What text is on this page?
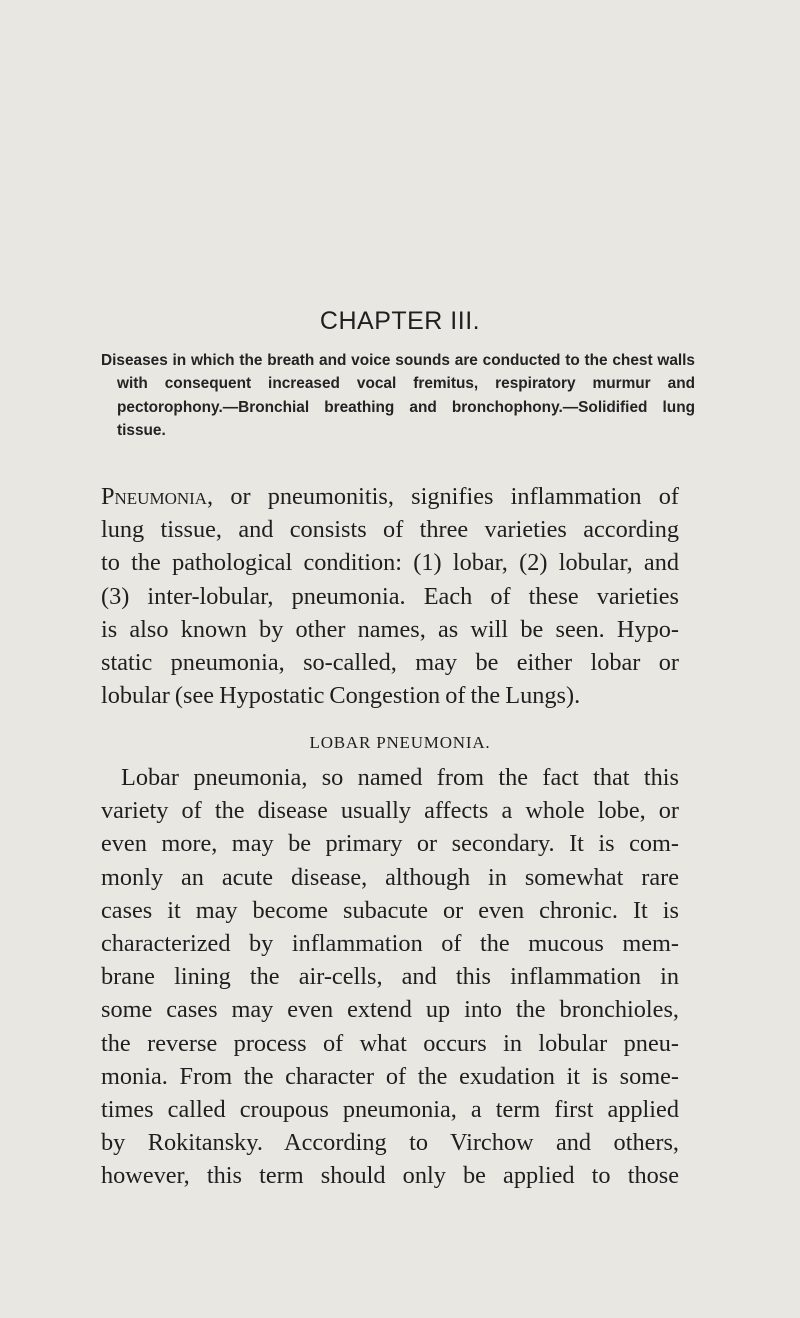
CHAPTER III.

Diseases in which the breath and voice sounds are conducted to the chest walls with consequent increased vocal fremitus, respiratory murmur and pectorophony.—Bronchial breathing and bronchophony.—Solidified lung tissue.

Pneumonia, or pneumonitis, signifies inflammation of
lung tissue, and consists of three varieties according
to the pathological condition: (1) lobar, (2) lobular, and
(3) inter-lobular, pneumonia. Each of these varieties
is also known by other names, as will be seen. Hypo-
static pneumonia, so-called, may be either lobar or
lobular (see Hypostatic Congestion of the Lungs).
LOBAR PNEUMONIA.
Lobar pneumonia, so named from the fact that this
variety of the disease usually affects a whole lobe, or
even more, may be primary or secondary. It is com-
monly an acute disease, although in somewhat rare
cases it may become subacute or even chronic. It is
characterized by inflammation of the mucous mem-
brane lining the air-cells, and this inflammation in
some cases may even extend up into the bronchioles,
the reverse process of what occurs in lobular pneu-
monia. From the character of the exudation it is some-
times called croupous pneumonia, a term first applied
by Rokitansky. According to Virchow and others,
however, this term should only be applied to those
